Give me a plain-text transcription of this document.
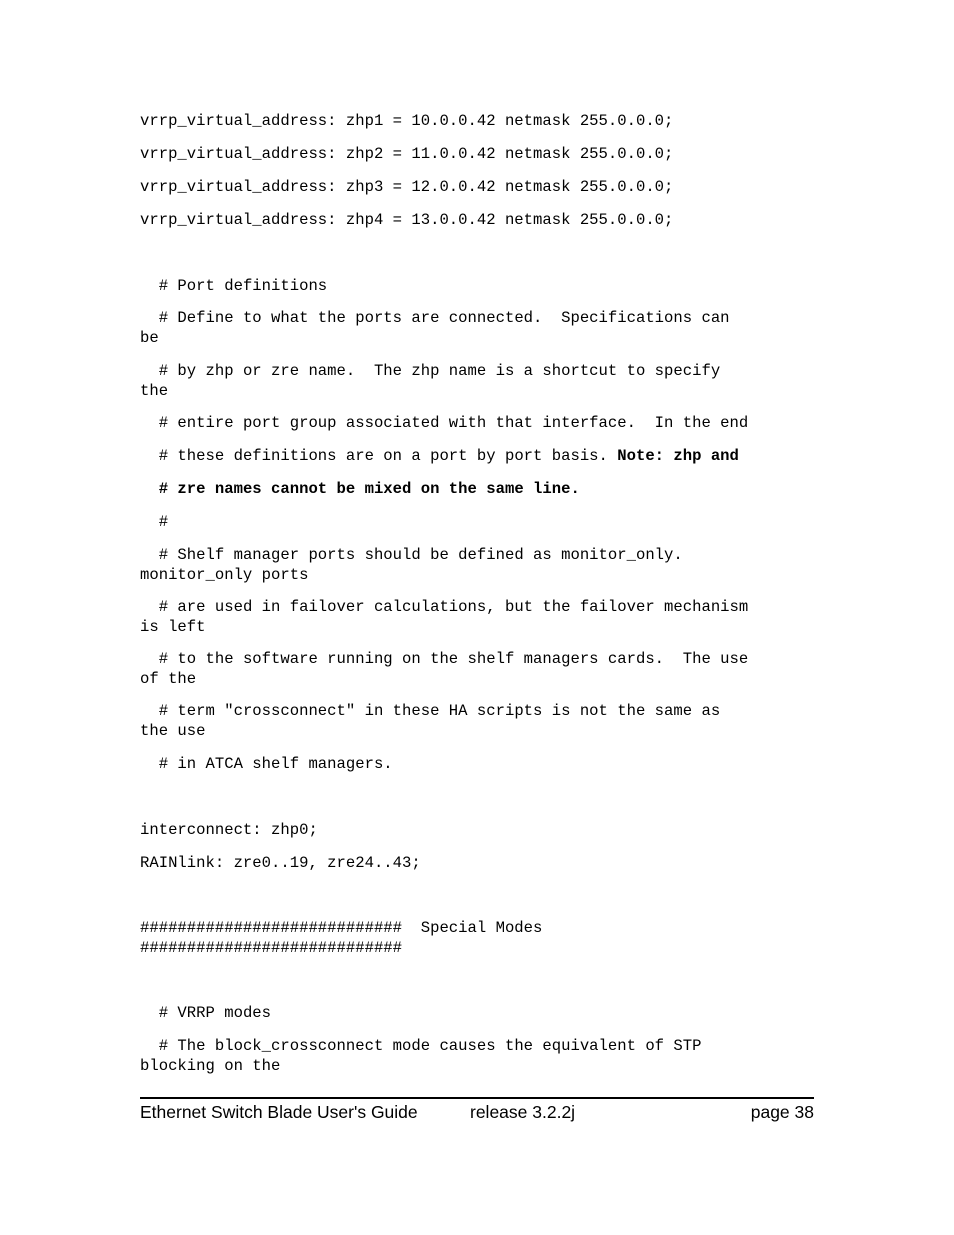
vrrp_virtual_address: zhp1 = 10.0.0.42 netmask 255.0.0.0;
vrrp_virtual_address: zhp2 = 11.0.0.42 netmask 255.0.0.0;
vrrp_virtual_address: zhp3 = 12.0.0.42 netmask 255.0.0.0;
vrrp_virtual_address: zhp4 = 13.0.0.42 netmask 255.0.0.0;
# Port definitions
# Define to what the ports are connected.  Specifications can
be
# by zhp or zre name.  The zhp name is a shortcut to specify
the
# entire port group associated with that interface.  In the end
# these definitions are on a port by port basis. Note: zhp and
# zre names cannot be mixed on the same line.
#
# Shelf manager ports should be defined as monitor_only.
monitor_only ports
# are used in failover calculations, but the failover mechanism
is left
# to the software running on the shelf managers cards.  The use
of the
# term "crossconnect" in these HA scripts is not the same as
the use
# in ATCA shelf managers.
interconnect: zhp0;
RAINlink: zre0..19, zre24..43;
############################  Special Modes
############################
# VRRP modes
# The block_crossconnect mode causes the equivalent of STP
blocking on the
Ethernet Switch Blade User's Guide	release 3.2.2j	page 38
